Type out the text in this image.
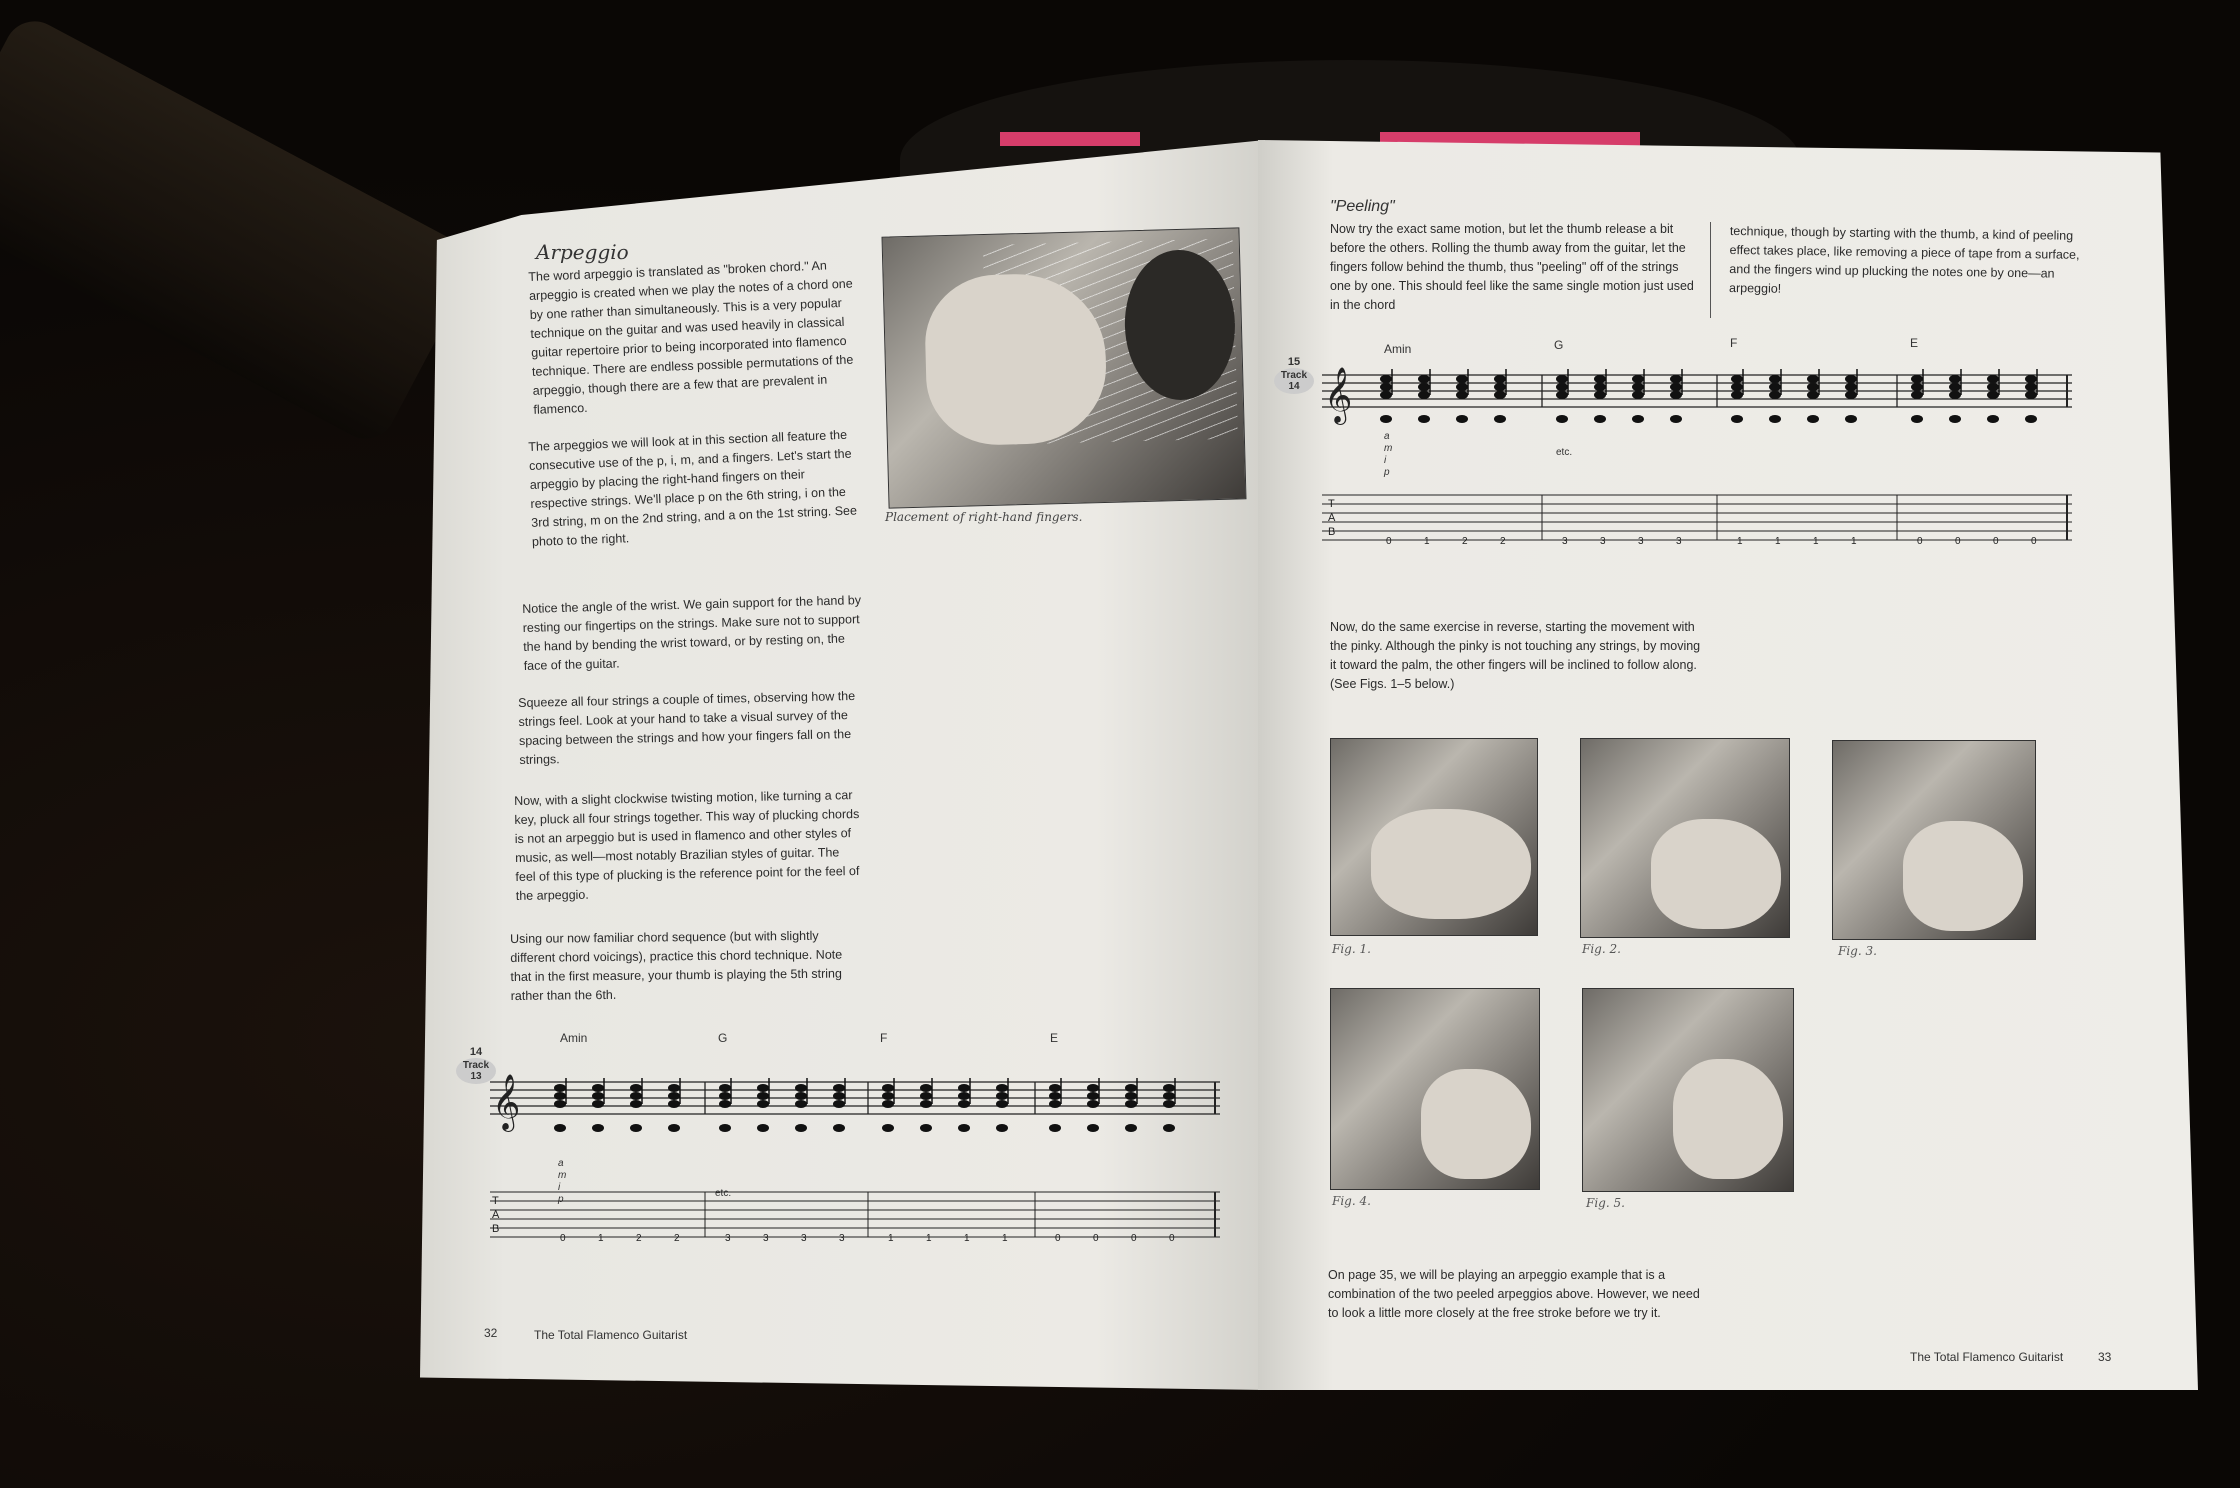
Arpeggio
The word arpeggio is translated as "broken chord." An arpeggio is created when we play the notes of a chord one by one rather than simultaneously. This is a very popular technique on the guitar and was used heavily in classical guitar repertoire prior to being incorporated into flamenco technique. There are endless possible permutations of the arpeggio, though there are a few that are prevalent in flamenco.
The arpeggios we will look at in this section all feature the consecutive use of the p, i, m, and a fingers. Let's start the arpeggio by placing the right-hand fingers on their respective strings. We'll place p on the 6th string, i on the 3rd string, m on the 2nd string, and a on the 1st string. See photo to the right.
Placement of right-hand fingers.
Notice the angle of the wrist. We gain support for the hand by resting our fingertips on the strings. Make sure not to support the hand by bending the wrist toward, or by resting on, the face of the guitar.
Squeeze all four strings a couple of times, observing how the strings feel. Look at your hand to take a visual survey of the spacing between the strings and how your fingers fall on the strings.
Now, with a slight clockwise twisting motion, like turning a car key, pluck all four strings together. This way of plucking chords is not an arpeggio but is used in flamenco and other styles of music, as well—most notably Brazilian styles of guitar. The feel of this type of plucking is the reference point for the feel of the arpeggio.
Using our now familiar chord sequence (but with slightly different chord voicings), practice this chord technique. Note that in the first measure, your thumb is playing the 5th string rather than the 6th.
14
Track
13 𝄞
Amin	G	F	E
a
m
i
p
etc.
T
A
B
0	1	2	2	3	3	3	3	1	1	1	1	0	0	0	0
32	The Total Flamenco Guitarist
"Peeling"
Now try the exact same motion, but let the thumb release a bit before the others. Rolling the thumb away from the guitar, let the fingers follow behind the thumb, thus "peeling" off of the strings one by one. This should feel like the same single motion just used in the chord
technique, though by starting with the thumb, a kind of peeling effect takes place, like removing a piece of tape from a surface, and the fingers wind up plucking the notes one by one—an arpeggio!
15
Track
14 𝄞
Amin	G	F	E
a
m
i
p
etc.
T
A
B
0	1	2	2	3	3	3	3	1	1	1	1	0	0	0	0
Now, do the same exercise in reverse, starting the movement with the pinky. Although the pinky is not touching any strings, by moving it toward the palm, the other fingers will be inclined to follow along. (See Figs. 1–5 below.)
Fig. 1.	Fig. 2.	Fig. 3.
Fig. 4.	Fig. 5.
On page 35, we will be playing an arpeggio example that is a combination of the two peeled arpeggios above. However, we need to look a little more closely at the free stroke before we try it.
The Total Flamenco Guitarist	33
